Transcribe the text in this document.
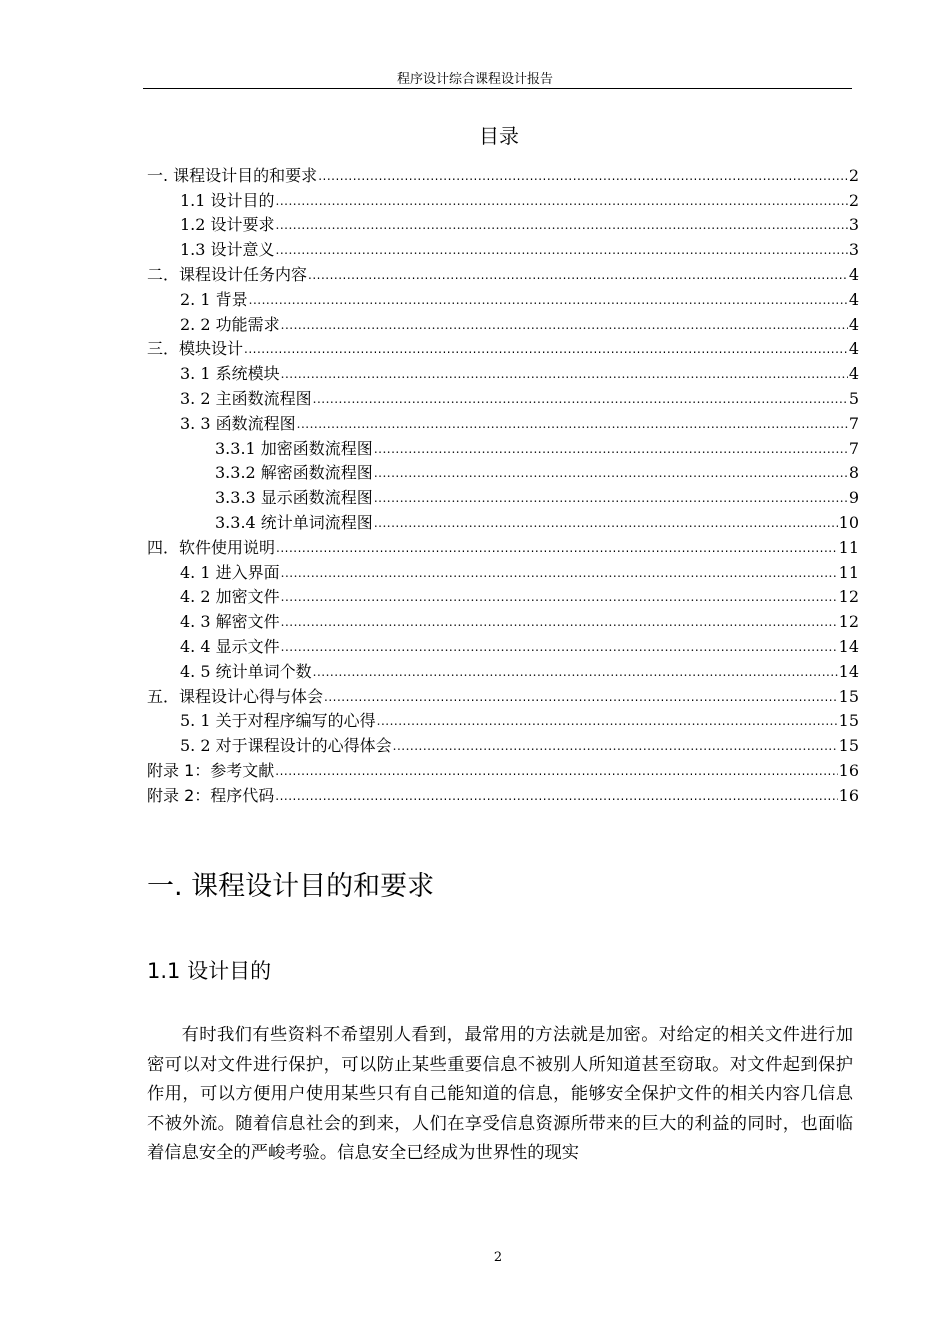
程序设计综合课程设计报告
目录
一. 课程设计目的和要求 .....	2
1.1 设计目的 .....	2
1.2 设计要求 .....	3
1.3 设计意义 .....	3
二．课程设计任务内容 .....	4
2. 1 背景 .....	4
2. 2 功能需求 .....	4
三．模块设计 .....	4
3. 1 系统模块 .....	4
3. 2 主函数流程图 .....	5
3. 3 函数流程图 .....	7
3.3.1 加密函数流程图 .....	7
3.3.2 解密函数流程图 .....	8
3.3.3 显示函数流程图 .....	9
3.3.4 统计单词流程图 .....	10
四．软件使用说明 .....	11
4. 1 进入界面 .....	11
4. 2 加密文件 .....	12
4. 3 解密文件 .....	12
4. 4 显示文件 .....	14
4. 5 统计单词个数 .....	14
五．课程设计心得与体会 .....	15
5. 1 关于对程序编写的心得 .....	15
5. 2 对于课程设计的心得体会 .....	15
附录 1：参考文献 .....	16
附录 2：程序代码 .....	16
一. 课程设计目的和要求
1.1 设计目的
有时我们有些资料不希望别人看到，最常用的方法就是加密。对给定的相关文件进行加密可以对文件进行保护，可以防止某些重要信息不被别人所知道甚至窃取。对文件起到保护作用，可以方便用户使用某些只有自己能知道的信息，能够安全保护文件的相关内容几信息不被外流。随着信息社会的到来，人们在享受信息资源所带来的巨大的利益的同时，也面临着信息安全的严峻考验。信息安全已经成为世界性的现实
2
